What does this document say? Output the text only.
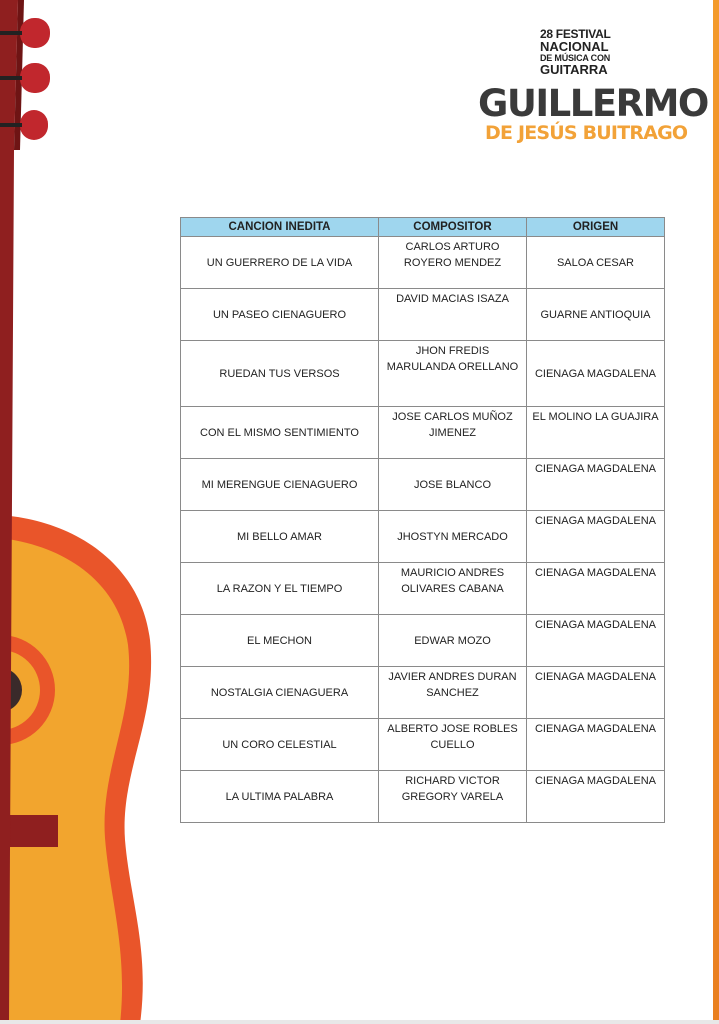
28 FESTIVAL
NACIONAL
DE MÚSICA CON
GUITARRA
GUILLERMO
DE JESÚS BUITRAGO
CANCION INEDITA	COMPOSITOR	ORIGEN
UN GUERRERO DE LA VIDA	CARLOS ARTURO ROYERO MENDEZ	SALOA CESAR
UN PASEO CIENAGUERO	DAVID MACIAS ISAZA	GUARNE ANTIOQUIA
RUEDAN TUS VERSOS	JHON FREDIS MARULANDA ORELLANO	CIENAGA MAGDALENA
CON EL MISMO SENTIMIENTO	JOSE CARLOS MUÑOZ JIMENEZ	EL MOLINO LA GUAJIRA
MI MERENGUE CIENAGUERO	JOSE BLANCO	CIENAGA MAGDALENA
MI BELLO AMAR	JHOSTYN MERCADO	CIENAGA MAGDALENA
LA RAZON Y EL TIEMPO	MAURICIO ANDRES OLIVARES CABANA	CIENAGA MAGDALENA
EL MECHON	EDWAR MOZO	CIENAGA MAGDALENA
NOSTALGIA CIENAGUERA	JAVIER ANDRES DURAN SANCHEZ	CIENAGA MAGDALENA
UN CORO CELESTIAL	ALBERTO JOSE ROBLES CUELLO	CIENAGA MAGDALENA
LA ULTIMA PALABRA	RICHARD VICTOR GREGORY VARELA	CIENAGA MAGDALENA
